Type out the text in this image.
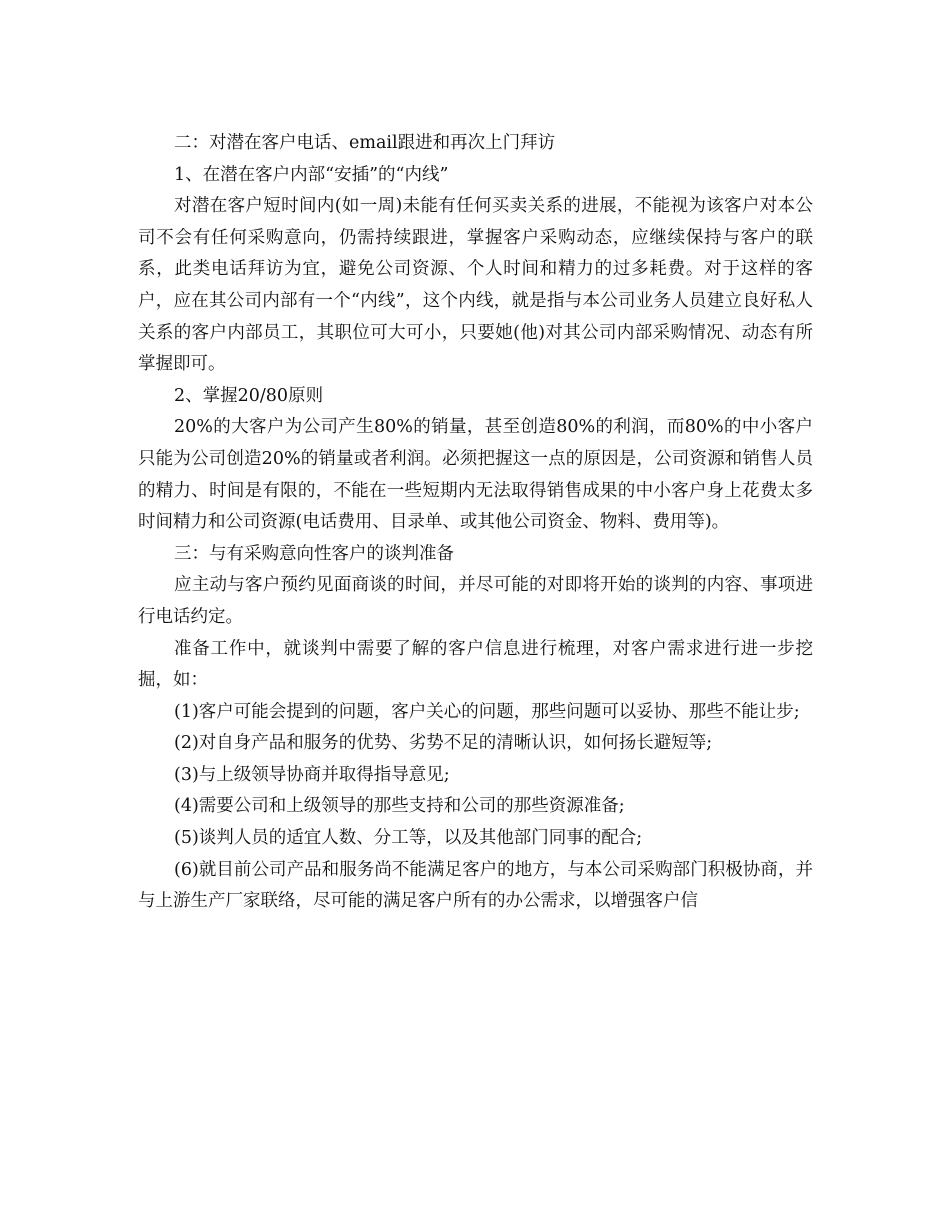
二：对潜在客户电话、email跟进和再次上门拜访

1、在潜在客户内部“安插”的“内线”

对潜在客户短时间内(如一周)未能有任何买卖关系的进展，不能视为该客户对本公司不会有任何采购意向，仍需持续跟进，掌握客户采购动态，应继续保持与客户的联系，此类电话拜访为宜，避免公司资源、个人时间和精力的过多耗费。对于这样的客户，应在其公司内部有一个“内线”，这个内线，就是指与本公司业务人员建立良好私人关系的客户内部员工，其职位可大可小，只要她(他)对其公司内部采购情况、动态有所掌握即可。

2、掌握20/80原则

20%的大客户为公司产生80%的销量，甚至创造80%的利润，而80%的中小客户只能为公司创造20%的销量或者利润。必须把握这一点的原因是，公司资源和销售人员的精力、时间是有限的，不能在一些短期内无法取得销售成果的中小客户身上花费太多时间精力和公司资源(电话费用、目录单、或其他公司资金、物料、费用等)。

三：与有采购意向性客户的谈判准备

应主动与客户预约见面商谈的时间，并尽可能的对即将开始的谈判的内容、事项进行电话约定。

准备工作中，就谈判中需要了解的客户信息进行梳理，对客户需求进行进一步挖掘，如：

(1)客户可能会提到的问题，客户关心的问题，那些问题可以妥协、那些不能让步;

(2)对自身产品和服务的优势、劣势不足的清晰认识，如何扬长避短等;

(3)与上级领导协商并取得指导意见;

(4)需要公司和上级领导的那些支持和公司的那些资源准备;

(5)谈判人员的适宜人数、分工等，以及其他部门同事的配合;

(6)就目前公司产品和服务尚不能满足客户的地方，与本公司采购部门积极协商，并与上游生产厂家联络，尽可能的满足客户所有的办公需求，以增强客户信
